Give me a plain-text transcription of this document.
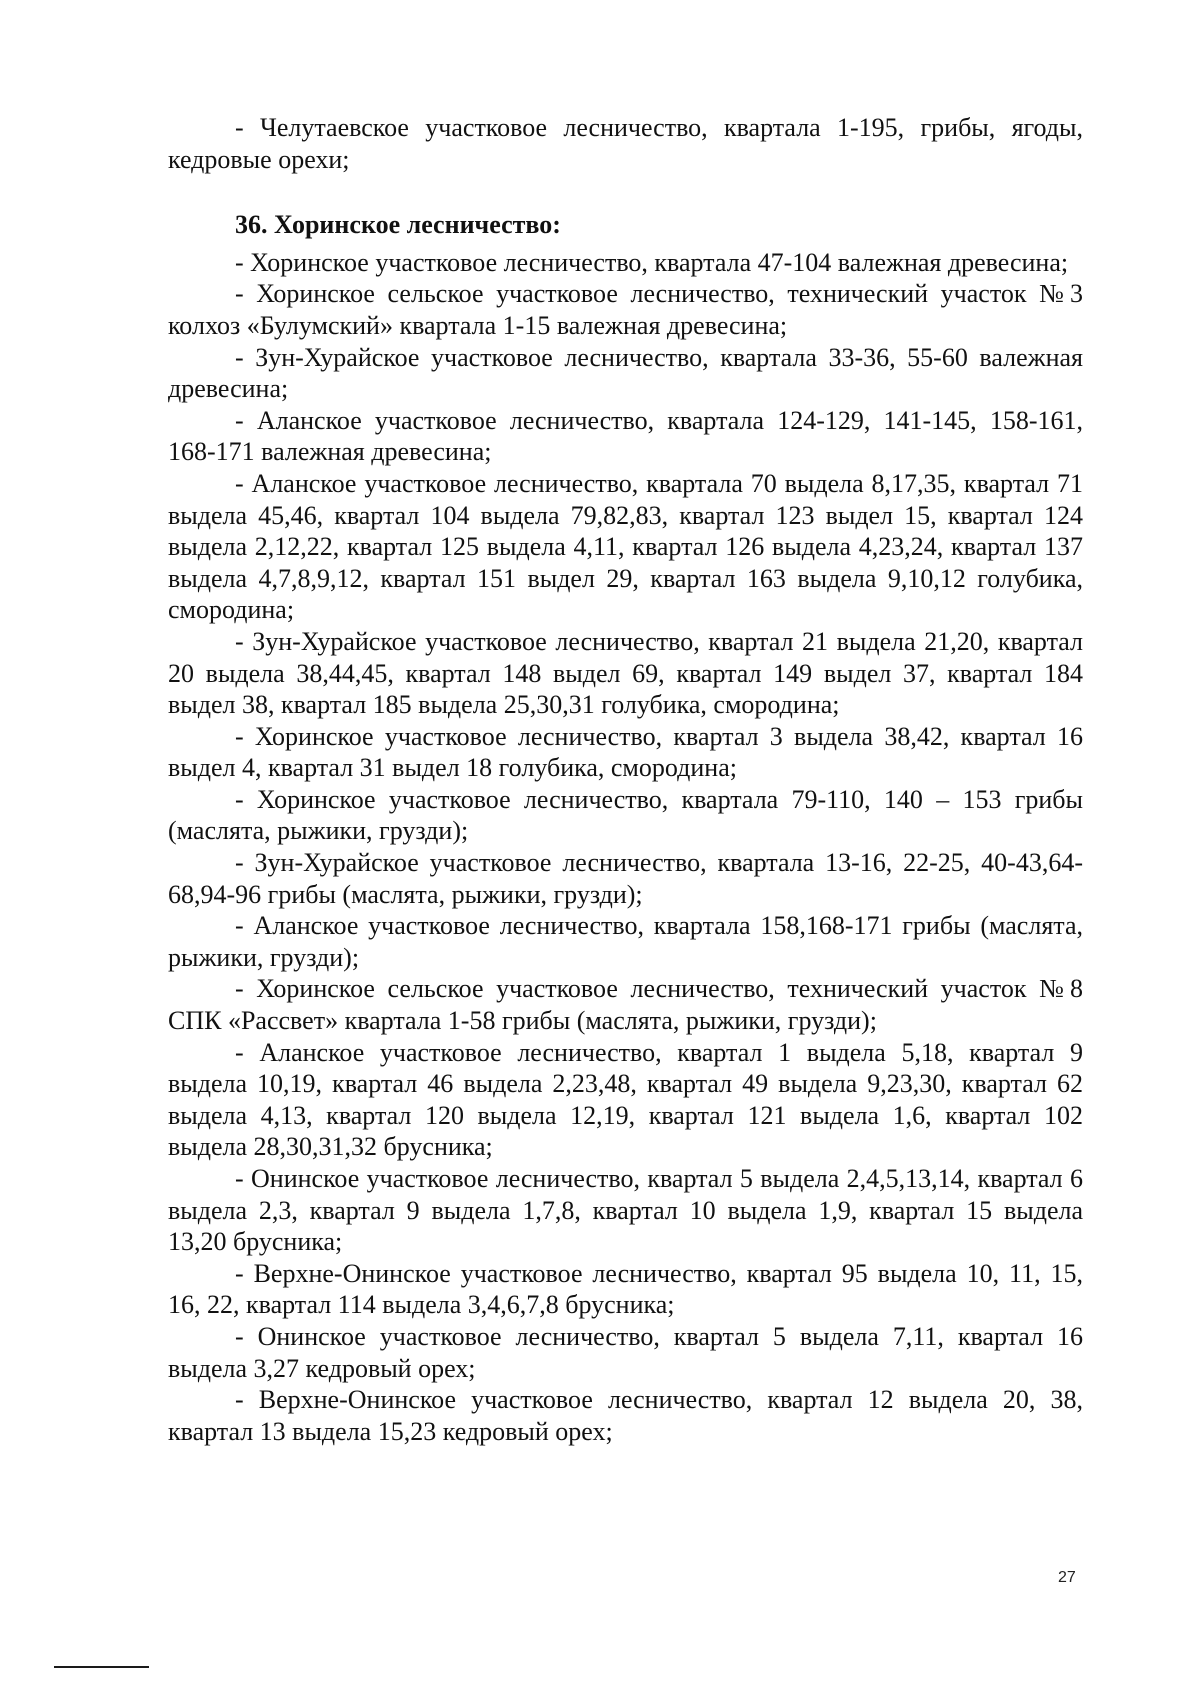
- Челутаевское участковое лесничество, квартала 1-195, грибы, ягоды, кедровые орехи;

36. Хоринское лесничество:

- Хоринское участковое лесничество, квартала 47-104 валежная древесина;

- Хоринское сельское участковое лесничество, технический участок №3 колхоз «Булумский» квартала 1-15 валежная древесина;

- Зун-Хурайское участковое лесничество, квартала 33-36, 55-60 валежная древесина;

- Аланское участковое лесничество, квартала 124-129, 141-145, 158-161, 168-171 валежная древесина;

- Аланское участковое лесничество, квартала 70 выдела 8,17,35, квартал 71 выдела 45,46, квартал 104 выдела 79,82,83, квартал 123 выдел 15, квартал 124 выдела 2,12,22, квартал 125 выдела 4,11, квартал 126 выдела 4,23,24, квартал 137 выдела 4,7,8,9,12, квартал 151 выдел 29, квартал 163 выдела 9,10,12 голубика, смородина;

- Зун-Хурайское участковое лесничество, квартал 21 выдела 21,20, квартал 20 выдела 38,44,45, квартал 148 выдел 69, квартал 149 выдел 37, квартал 184 выдел 38, квартал 185 выдела 25,30,31 голубика, смородина;

- Хоринское участковое лесничество, квартал 3 выдела 38,42, квартал 16 выдел 4, квартал 31 выдел 18 голубика, смородина;

- Хоринское участковое лесничество, квартала 79-110, 140 – 153 грибы (маслята, рыжики, грузди);

- Зун-Хурайское участковое лесничество, квартала 13-16, 22-25, 40-43,64-68,94-96 грибы (маслята, рыжики, грузди);

- Аланское участковое лесничество, квартала 158,168-171 грибы (маслята, рыжики, грузди);

- Хоринское сельское участковое лесничество, технический участок №8 СПК «Рассвет» квартала 1-58 грибы (маслята, рыжики, грузди);

- Аланское участковое лесничество, квартал 1 выдела 5,18, квартал 9 выдела 10,19, квартал 46 выдела 2,23,48, квартал 49 выдела 9,23,30, квартал 62 выдела 4,13, квартал 120 выдела 12,19, квартал 121 выдела 1,6, квартал 102 выдела 28,30,31,32 брусника;

- Онинское участковое лесничество, квартал 5 выдела 2,4,5,13,14, квартал 6 выдела 2,3, квартал 9 выдела 1,7,8, квартал 10 выдела 1,9, квартал 15 выдела 13,20 брусника;

- Верхне-Онинское участковое лесничество, квартал 95 выдела 10, 11, 15, 16, 22, квартал 114 выдела 3,4,6,7,8 брусника;

- Онинское участковое лесничество, квартал 5 выдела 7,11, квартал 16 выдела 3,27 кедровый орех;

- Верхне-Онинское участковое лесничество, квартал 12 выдела 20, 38, квартал 13 выдела 15,23 кедровый орех;

27
